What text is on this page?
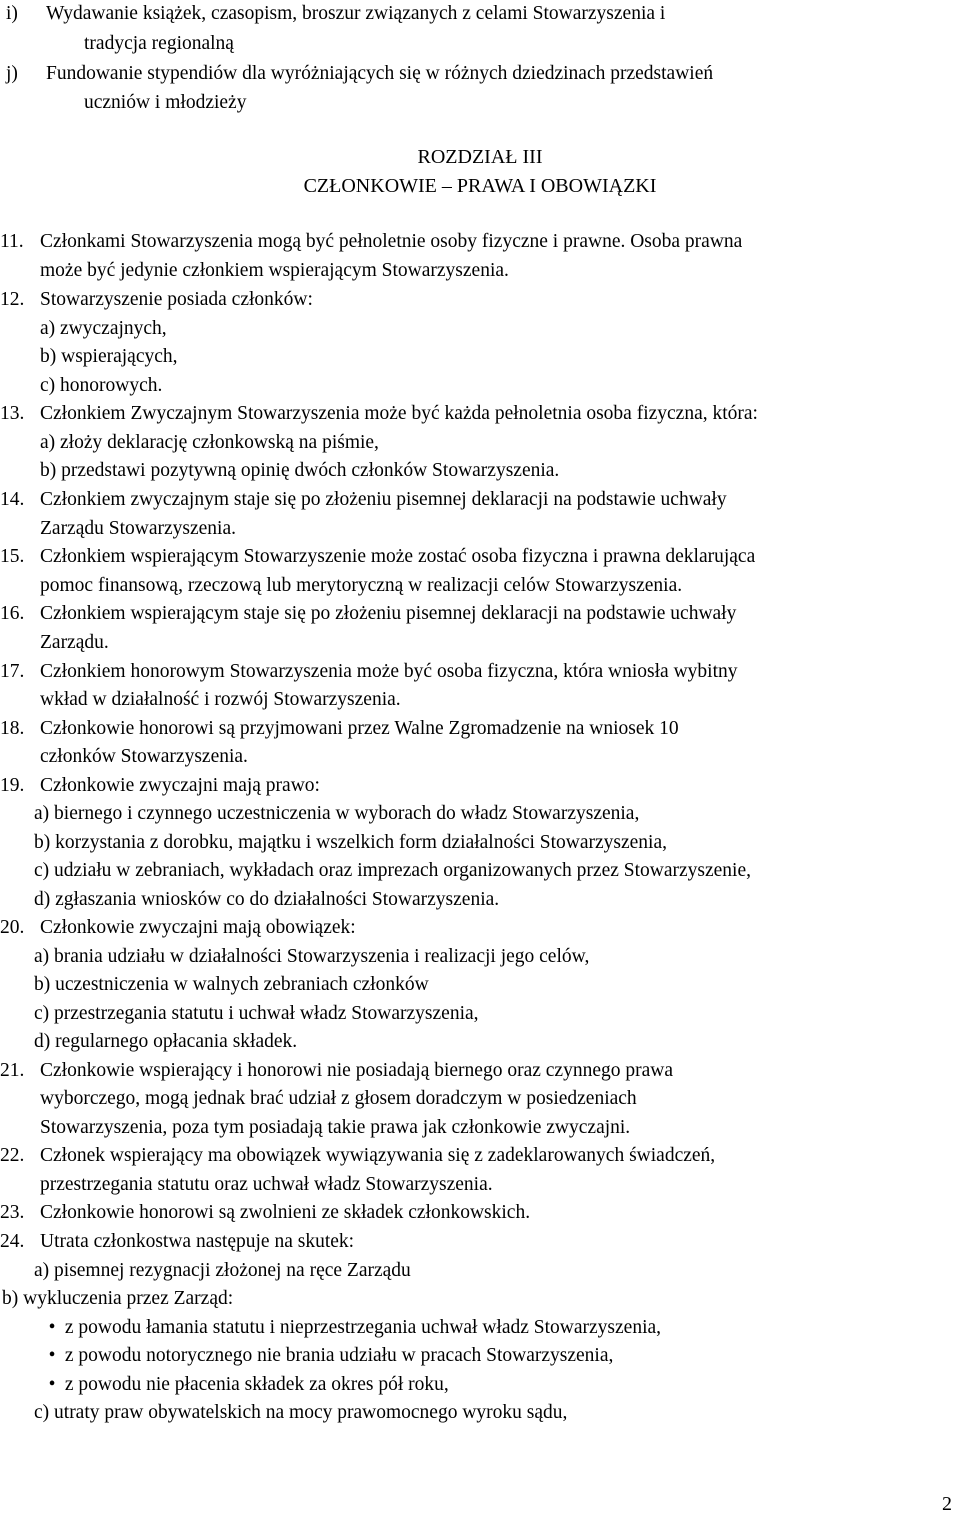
i) Wydawanie książek, czasopism, broszur związanych z celami Stowarzyszenia i
tradycja regionalną
j) Fundowanie stypendiów dla wyróżniających się w różnych dziedzinach przedstawień
uczniów i młodzieży
ROZDZIAŁ III
CZŁONKOWIE – PRAWA I OBOWIĄZKI
11. Członkami Stowarzyszenia mogą być pełnoletnie osoby fizyczne i prawne. Osoba prawna
może być jedynie członkiem wspierającym Stowarzyszenia.
12. Stowarzyszenie posiada członków:
a) zwyczajnych,
b) wspierających,
c) honorowych.
13. Członkiem Zwyczajnym Stowarzyszenia może być każda pełnoletnia osoba fizyczna, która:
a) złoży deklarację członkowską na piśmie,
b) przedstawi pozytywną opinię dwóch członków Stowarzyszenia.
14. Członkiem zwyczajnym staje się po złożeniu pisemnej deklaracji na podstawie uchwały
Zarządu Stowarzyszenia.
15. Członkiem wspierającym Stowarzyszenie może zostać osoba fizyczna i prawna deklarująca
pomoc finansową, rzeczową lub merytoryczną w realizacji celów Stowarzyszenia.
16. Członkiem wspierającym staje się po złożeniu pisemnej deklaracji na podstawie uchwały
Zarządu.
17. Członkiem honorowym Stowarzyszenia może być osoba fizyczna, która wniosła wybitny
wkład w działalność i rozwój Stowarzyszenia.
18. Członkowie honorowi są przyjmowani przez Walne Zgromadzenie na wniosek 10
członków Stowarzyszenia.
19. Członkowie zwyczajni mają prawo:
a) biernego i czynnego uczestniczenia w wyborach do władz Stowarzyszenia,
b) korzystania z dorobku, majątku i wszelkich form działalności Stowarzyszenia,
c) udziału w zebraniach, wykładach oraz imprezach organizowanych przez Stowarzyszenie,
d) zgłaszania wniosków co do działalności Stowarzyszenia.
20. Członkowie zwyczajni mają obowiązek:
a) brania udziału w działalności Stowarzyszenia i realizacji jego celów,
b) uczestniczenia w walnych zebraniach członków
c) przestrzegania statutu i uchwał władz Stowarzyszenia,
d) regularnego opłacania składek.
21. Członkowie wspierający i honorowi nie posiadają biernego oraz czynnego prawa
wyborczego, mogą jednak brać udział z głosem doradczym w posiedzeniach
Stowarzyszenia, poza tym posiadają takie prawa jak członkowie zwyczajni.
22. Członek wspierający ma obowiązek wywiązywania się z zadeklarowanych świadczeń,
przestrzegania statutu oraz uchwał władz Stowarzyszenia.
23. Członkowie honorowi są zwolnieni ze składek członkowskich.
24. Utrata członkostwa następuje na skutek:
a) pisemnej rezygnacji złożonej na ręce Zarządu
b) wykluczenia przez Zarząd:
• z powodu łamania statutu i nieprzestrzegania uchwał władz Stowarzyszenia,
• z powodu notorycznego nie brania udziału w pracach Stowarzyszenia,
• z powodu nie płacenia składek za okres pół roku,
c) utraty praw obywatelskich na mocy prawomocnego wyroku sądu,
2
